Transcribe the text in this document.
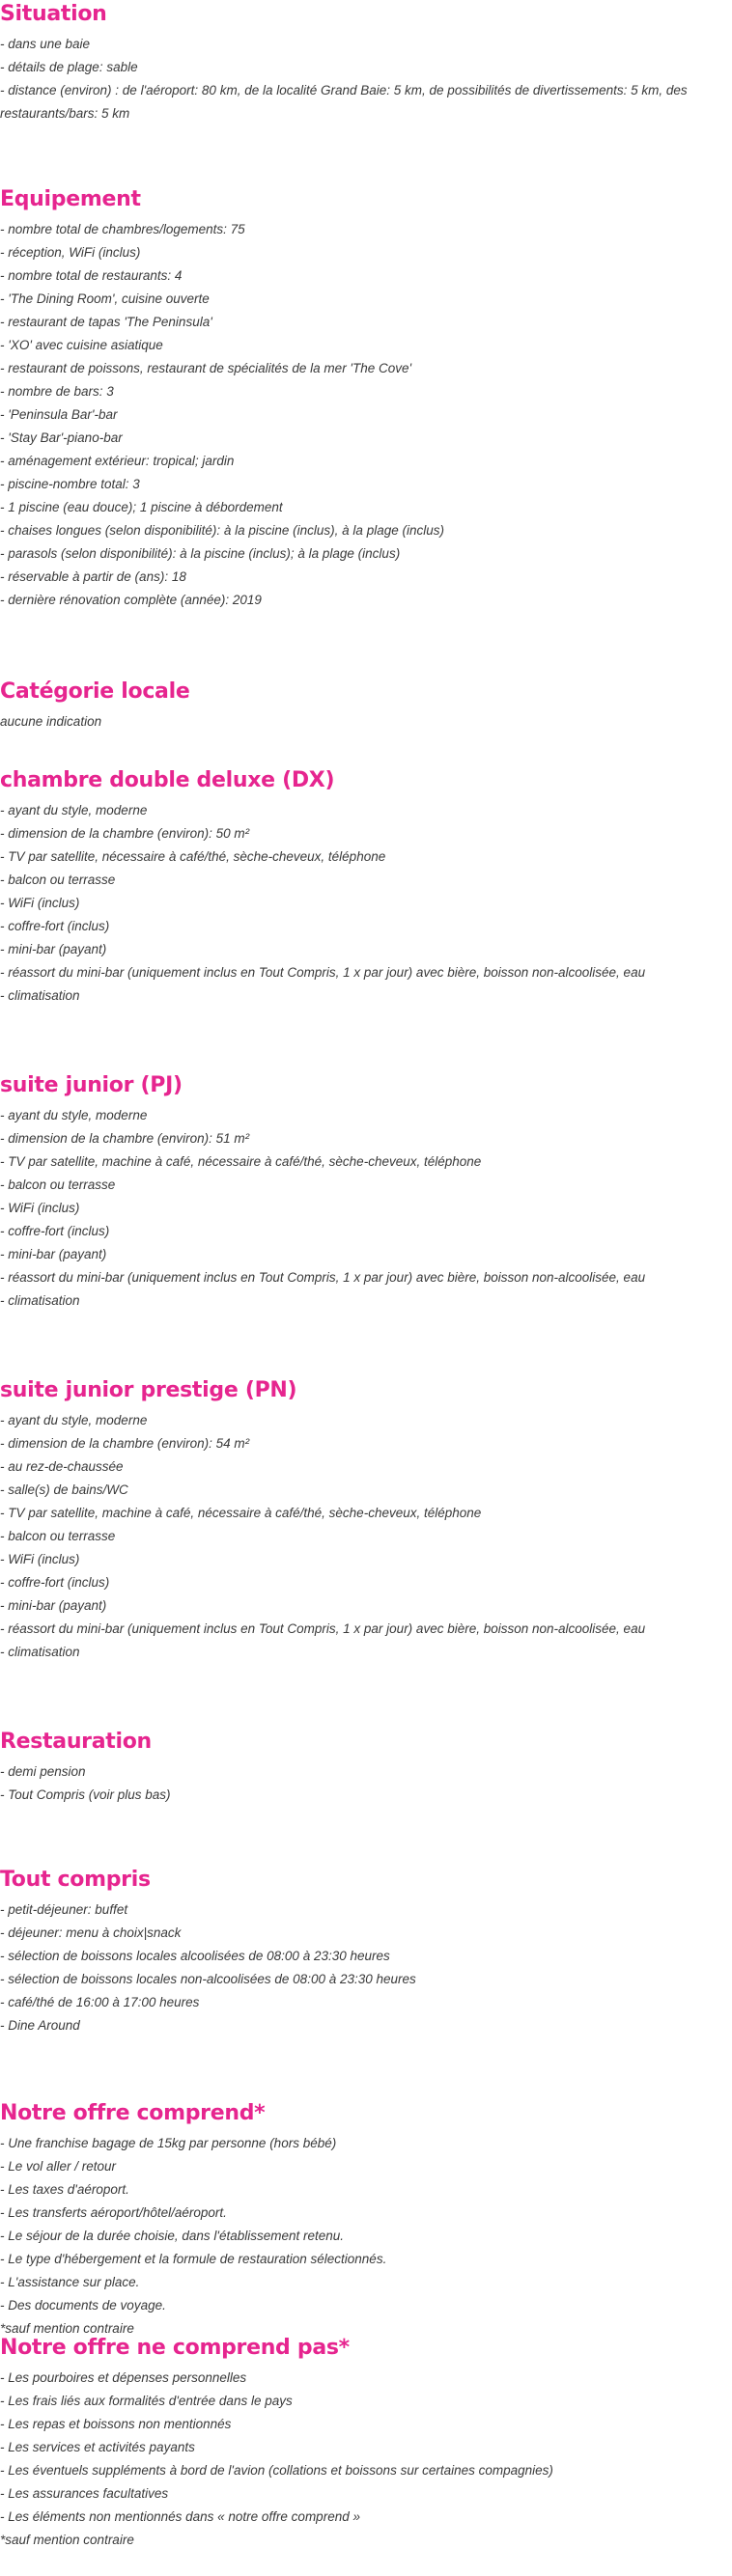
Situation
- dans une baie
- détails de plage: sable
- distance (environ) : de l'aéroport: 80 km, de la localité Grand Baie: 5 km, de possibilités de divertissements: 5 km, des restaurants/bars: 5 km
Equipement
- nombre total de chambres/logements: 75
- réception, WiFi (inclus)
- nombre total de restaurants: 4
- 'The Dining Room', cuisine ouverte
- restaurant de tapas 'The Peninsula'
- 'XO' avec cuisine asiatique
- restaurant de poissons, restaurant de spécialités de la mer 'The Cove'
- nombre de bars: 3
- 'Peninsula Bar'-bar
- 'Stay Bar'-piano-bar
- aménagement extérieur: tropical; jardin
- piscine-nombre total: 3
- 1 piscine (eau douce); 1 piscine à débordement
- chaises longues (selon disponibilité): à la piscine (inclus), à la plage (inclus)
- parasols (selon disponibilité): à la piscine (inclus); à la plage (inclus)
- réservable à partir de (ans): 18
- dernière rénovation complète (année): 2019
Catégorie locale
aucune indication
chambre double deluxe (DX)
- ayant du style, moderne
- dimension de la chambre (environ): 50 m²
- TV par satellite, nécessaire à café/thé, sèche-cheveux, téléphone
- balcon ou terrasse
- WiFi (inclus)
- coffre-fort (inclus)
- mini-bar (payant)
- réassort du mini-bar (uniquement inclus en Tout Compris, 1 x par jour) avec bière, boisson non-alcoolisée, eau
- climatisation
suite junior (PJ)
- ayant du style, moderne
- dimension de la chambre (environ): 51 m²
- TV par satellite, machine à café, nécessaire à café/thé, sèche-cheveux, téléphone
- balcon ou terrasse
- WiFi (inclus)
- coffre-fort (inclus)
- mini-bar (payant)
- réassort du mini-bar (uniquement inclus en Tout Compris, 1 x par jour) avec bière, boisson non-alcoolisée, eau
- climatisation
suite junior prestige (PN)
- ayant du style, moderne
- dimension de la chambre (environ): 54 m²
- au rez-de-chaussée
- salle(s) de bains/WC
- TV par satellite, machine à café, nécessaire à café/thé, sèche-cheveux, téléphone
- balcon ou terrasse
- WiFi (inclus)
- coffre-fort (inclus)
- mini-bar (payant)
- réassort du mini-bar (uniquement inclus en Tout Compris, 1 x par jour) avec bière, boisson non-alcoolisée, eau
- climatisation
Restauration
- demi pension
- Tout Compris (voir plus bas)
Tout compris
- petit-déjeuner: buffet
- déjeuner: menu à choix|snack
- sélection de boissons locales alcoolisées de 08:00 à 23:30 heures
- sélection de boissons locales non-alcoolisées de 08:00 à 23:30 heures
- café/thé de 16:00 à 17:00 heures
- Dine Around
Notre offre comprend*
- Une franchise bagage de 15kg par personne (hors bébé)
- Le vol aller / retour
- Les taxes d'aéroport.
- Les transferts aéroport/hôtel/aéroport.
- Le séjour de la durée choisie, dans l'établissement retenu.
- Le type d'hébergement et la formule de restauration sélectionnés.
- L'assistance sur place.
- Des documents de voyage.
*sauf mention contraire
Notre offre ne comprend pas*
- Les pourboires et dépenses personnelles
- Les frais liés aux formalités d'entrée dans le pays
- Les repas et boissons non mentionnés
- Les services et activités payants
- Les éventuels suppléments à bord de l'avion (collations et boissons sur certaines compagnies)
- Les assurances facultatives
- Les éléments non mentionnés dans « notre offre comprend »
*sauf mention contraire
